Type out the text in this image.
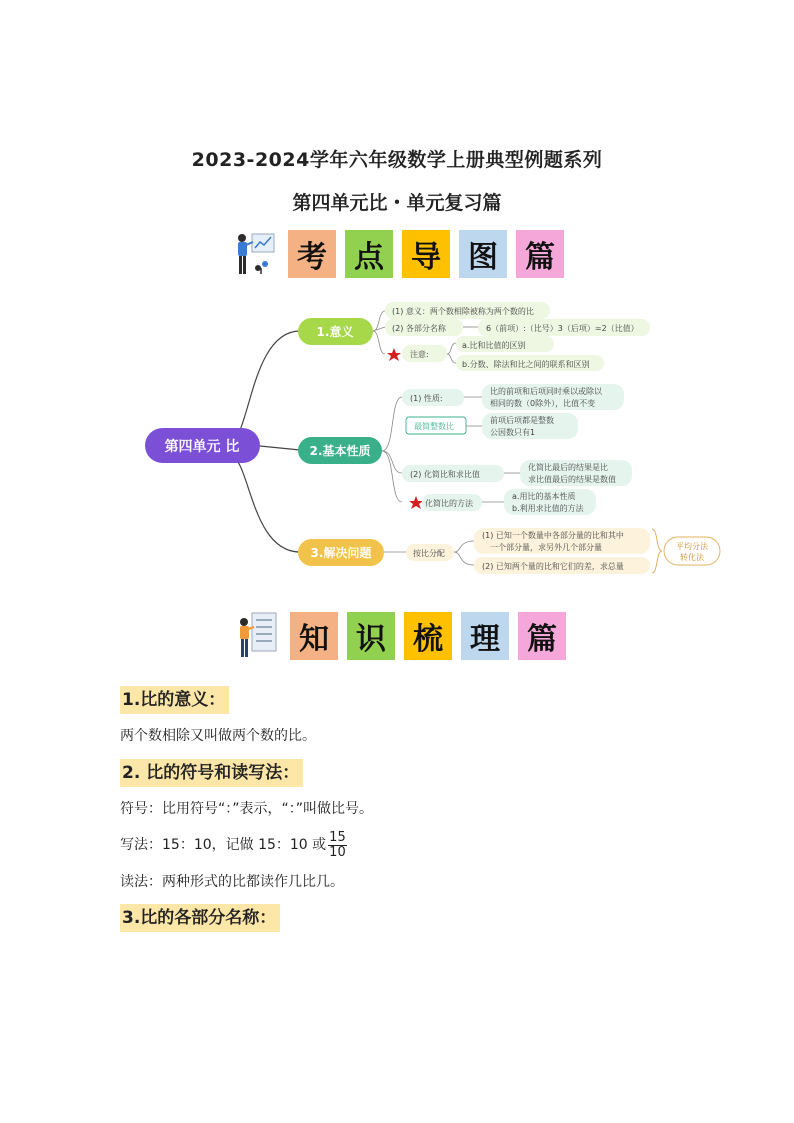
2023-2024学年六年级数学上册典型例题系列
第四单元比・单元复习篇
考 点 导 图 篇
第四单元 比
1.意义
(1) 意义：两个数相除被称为两个数的比
(2) 各部分名称	6（前项）:（比号）3（后项）=2（比值）
注意:
a.比和比值的区别
b.分数、除法和比之间的联系和区别
2.基本性质
(1) 性质:
比的前项和后项同时乘以或除以
相同的数（0除外），比值不变
最简整数比
前项后项都是整数
公因数只有1
(2) 化简比和求比值
化简比最后的结果是比
求比值最后的结果是数值
化简比的方法
a.用比的基本性质
b.利用求比值的方法
3.解决问题	按比分配
(1) 已知一个数量中各部分量的比和其中
一个部分量，求另外几个部分量
(2) 已知两个量的比和它们的差，求总量
平均分法
转化法
知 识 梳 理 篇
1.比的意义：
两个数相除又叫做两个数的比。
2. 比的符号和读写法：
符号：比用符号“：”表示，“：”叫做比号。
写法：15：10，记做 15：10 或 $\frac{15}{10}$
读法：两种形式的比都读作几比几。
3.比的各部分名称：
